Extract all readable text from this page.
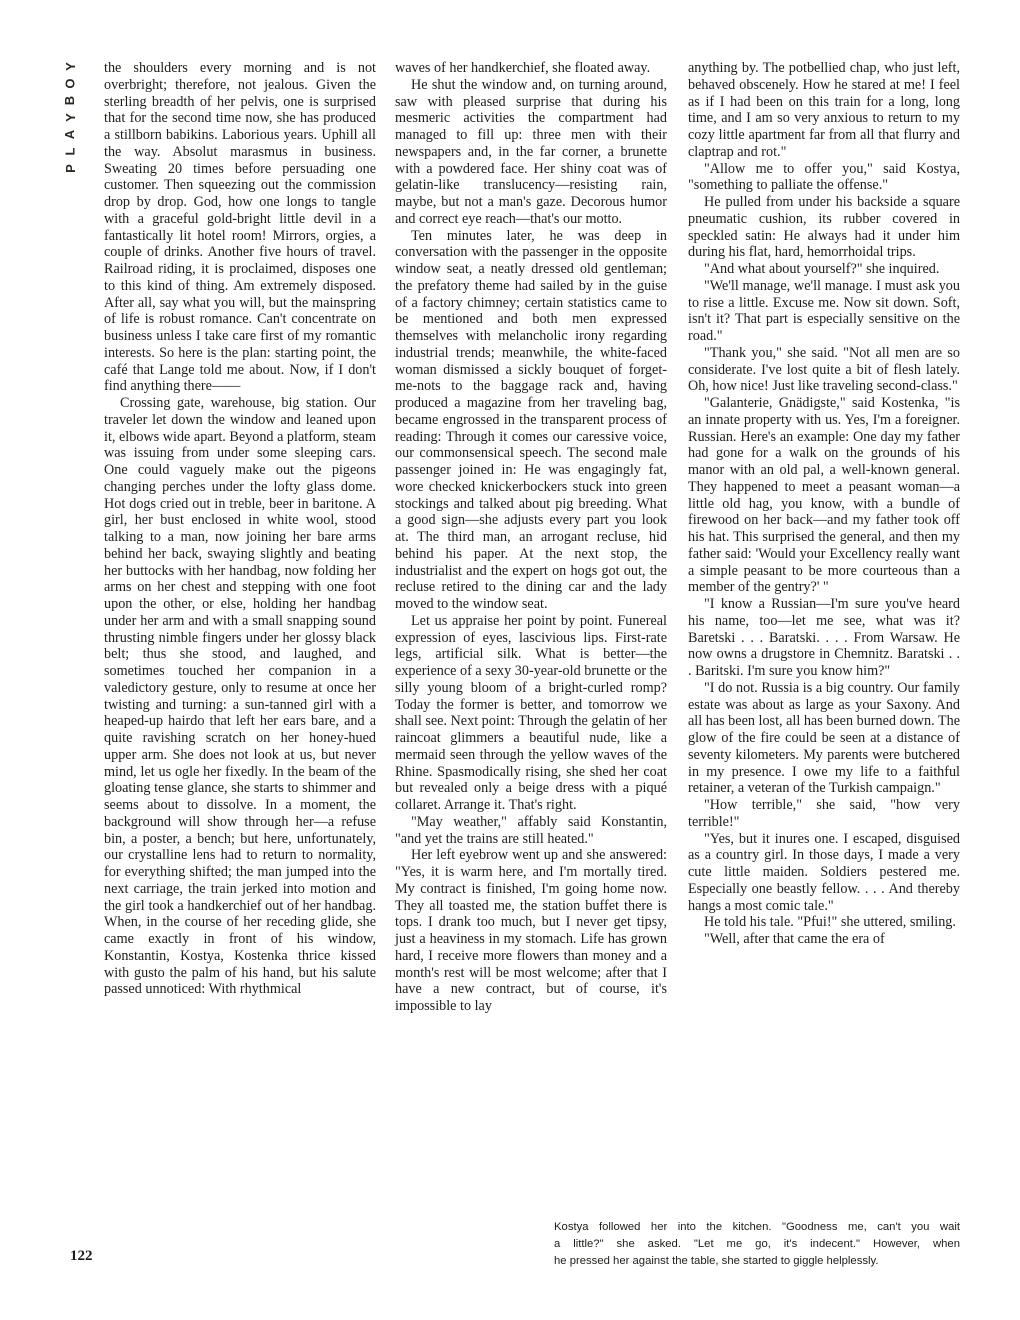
Y
O
B
Y
A
L
P

the shoulders every morning and is not overbright; therefore, not jealous. Given the sterling breadth of her pelvis, one is surprised that for the second time now, she has produced a stillborn babikins. Laborious years. Uphill all the way. Absolut marasmus in business. Sweating 20 times before persuading one customer. Then squeezing out the commission drop by drop. God, how one longs to tangle with a graceful gold-bright little devil in a fantastically lit hotel room! Mirrors, orgies, a couple of drinks. Another five hours of travel. Railroad riding, it is proclaimed, disposes one to this kind of thing. Am extremely disposed. After all, say what you will, but the mainspring of life is robust romance. Can't concentrate on business unless I take care first of my romantic interests. So here is the plan: starting point, the café that Lange told me about. Now, if I don't find anything there——

Crossing gate, warehouse, big station. Our traveler let down the window and leaned upon it, elbows wide apart. Beyond a platform, steam was issuing from under some sleeping cars. One could vaguely make out the pigeons changing perches under the lofty glass dome. Hot dogs cried out in treble, beer in baritone. A girl, her bust enclosed in white wool, stood talking to a man, now joining her bare arms behind her back, swaying slightly and beating her buttocks with her handbag, now folding her arms on her chest and stepping with one foot upon the other, or else, holding her handbag under her arm and with a small snapping sound thrusting nimble fingers under her glossy black belt; thus she stood, and laughed, and sometimes touched her companion in a valedictory gesture, only to resume at once her twisting and turning: a sun-tanned girl with a heaped-up hairdo that left her ears bare, and a quite ravishing scratch on her honey-hued upper arm. She does not look at us, but never mind, let us ogle her fixedly. In the beam of the gloating tense glance, she starts to shimmer and seems about to dissolve. In a moment, the background will show through her—a refuse bin, a poster, a bench; but here, unfortunately, our crystalline lens had to return to normality, for everything shifted; the man jumped into the next carriage, the train jerked into motion and the girl took a handkerchief out of her handbag. When, in the course of her receding glide, she came exactly in front of his window, Konstantin, Kostya, Kostenka thrice kissed with gusto the palm of his hand, but his salute passed unnoticed: With rhythmical

waves of her handkerchief, she floated away.

He shut the window and, on turning around, saw with pleased surprise that during his mesmeric activities the compartment had managed to fill up: three men with their newspapers and, in the far corner, a brunette with a powdered face. Her shiny coat was of gelatin-like translucency—resisting rain, maybe, but not a man's gaze. Decorous humor and correct eye reach—that's our motto.

Ten minutes later, he was deep in conversation with the passenger in the opposite window seat, a neatly dressed old gentleman; the prefatory theme had sailed by in the guise of a factory chimney; certain statistics came to be mentioned and both men expressed themselves with melancholic irony regarding industrial trends; meanwhile, the white-faced woman dismissed a sickly bouquet of forget-me-nots to the baggage rack and, having produced a magazine from her traveling bag, became engrossed in the transparent process of reading: Through it comes our caressive voice, our commonsensical speech. The second male passenger joined in: He was engagingly fat, wore checked knickerbockers stuck into green stockings and talked about pig breeding. What a good sign—she adjusts every part you look at. The third man, an arrogant recluse, hid behind his paper. At the next stop, the industrialist and the expert on hogs got out, the recluse retired to the dining car and the lady moved to the window seat.

Let us appraise her point by point. Funereal expression of eyes, lascivious lips. First-rate legs, artificial silk. What is better—the experience of a sexy 30-year-old brunette or the silly young bloom of a bright-curled romp? Today the former is better, and tomorrow we shall see. Next point: Through the gelatin of her raincoat glimmers a beautiful nude, like a mermaid seen through the yellow waves of the Rhine. Spasmodically rising, she shed her coat but revealed only a beige dress with a piqué collaret. Arrange it. That's right.

"May weather," affably said Konstantin, "and yet the trains are still heated."

Her left eyebrow went up and she answered: "Yes, it is warm here, and I'm mortally tired. My contract is finished, I'm going home now. They all toasted me, the station buffet there is tops. I drank too much, but I never get tipsy, just a heaviness in my stomach. Life has grown hard, I receive more flowers than money and a month's rest will be most welcome; after that I have a new contract, but of course, it's impossible to lay

anything by. The potbellied chap, who just left, behaved obscenely. How he stared at me! I feel as if I had been on this train for a long, long time, and I am so very anxious to return to my cozy little apartment far from all that flurry and claptrap and rot."

"Allow me to offer you," said Kostya, "something to palliate the offense."

He pulled from under his backside a square pneumatic cushion, its rubber covered in speckled satin: He always had it under him during his flat, hard, hemorrhoidal trips.

"And what about yourself?" she inquired.

"We'll manage, we'll manage. I must ask you to rise a little. Excuse me. Now sit down. Soft, isn't it? That part is especially sensitive on the road."

"Thank you," she said. "Not all men are so considerate. I've lost quite a bit of flesh lately. Oh, how nice! Just like traveling second-class."

"Galanterie, Gnädigste," said Kostenka, "is an innate property with us. Yes, I'm a foreigner. Russian. Here's an example: One day my father had gone for a walk on the grounds of his manor with an old pal, a well-known general. They happened to meet a peasant woman—a little old hag, you know, with a bundle of firewood on her back—and my father took off his hat. This surprised the general, and then my father said: 'Would your Excellency really want a simple peasant to be more courteous than a member of the gentry?' "

"I know a Russian—I'm sure you've heard his name, too—let me see, what was it? Baretski . . . Baratski. . . . From Warsaw. He now owns a drugstore in Chemnitz. Baratski . . . Baritski. I'm sure you know him?"

"I do not. Russia is a big country. Our family estate was about as large as your Saxony. And all has been lost, all has been burned down. The glow of the fire could be seen at a distance of seventy kilometers. My parents were butchered in my presence. I owe my life to a faithful retainer, a veteran of the Turkish campaign."

"How terrible," she said, "how very terrible!"

"Yes, but it inures one. I escaped, disguised as a country girl. In those days, I made a very cute little maiden. Soldiers pestered me. Especially one beastly fellow. . . . And thereby hangs a most comic tale."

He told his tale. "Pfui!" she uttered, smiling.

"Well, after that came the era of

Kostya followed her into the kitchen. "Goodness me, can't you wait
a little?" she asked. "Let me go, it's indecent." However, when
he pressed her against the table, she started to giggle helplessly.
122
